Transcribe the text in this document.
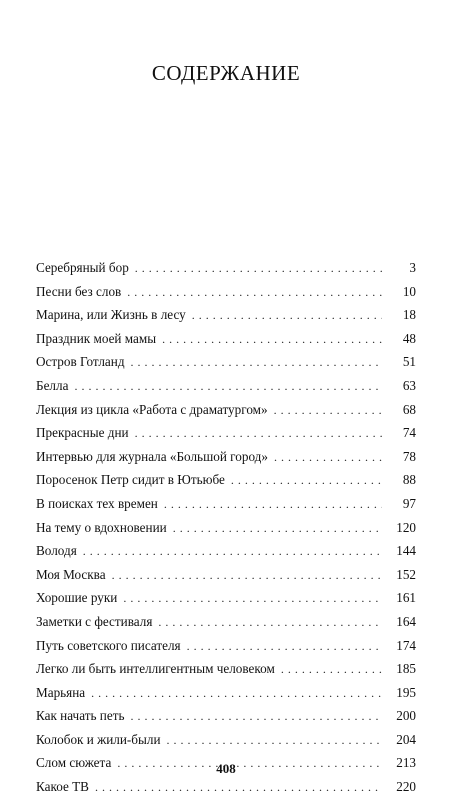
СОДЕРЖАНИЕ
Серебряный бор . . .	3
Песни без слов . . .	10
Марина, или Жизнь в лесу . . .	18
Праздник моей мамы . . .	48
Остров Готланд . . .	51
Белла . . .	63
Лекция из цикла «Работа с драматургом» . . .	68
Прекрасные дни . . .	74
Интервью для журнала «Большой город» . . .	78
Поросенок Петр сидит в Ютьюбе . . .	88
В поисках тех времен . . .	97
На тему о вдохновении . . .	120
Володя . . .	144
Моя Москва . . .	152
Хорошие руки . . .	161
Заметки с фестиваля . . .	164
Путь советского писателя . . .	174
Легко ли быть интеллигентным человеком . . .	185
Марьяна . . .	195
Как начать петь . . .	200
Колобок и жили-были . . .	204
Слом сюжета . . .	213
Какое ТВ . . .	220
408
